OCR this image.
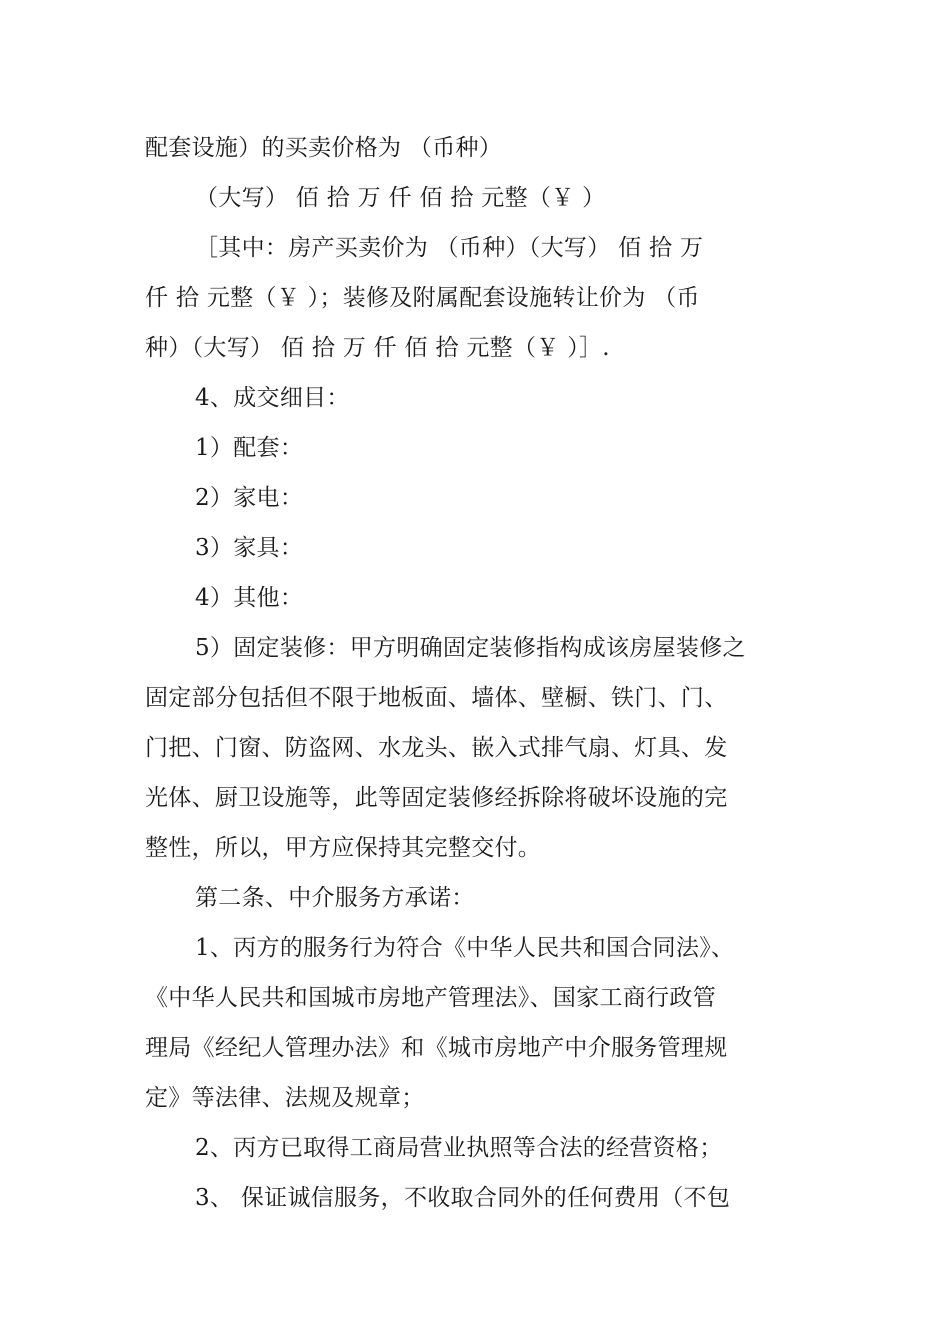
配套设施）的买卖价格为 （币种）
（大写） 佰 拾 万 仟 佰 拾 元整（￥ ）
［其中：房产买卖价为 （币种）（大写） 佰 拾 万
仟 拾 元整（￥ ）；装修及附属配套设施转让价为 （币
种）（大写） 佰 拾 万 仟 佰 拾 元整（￥ ）］.
4、成交细目：
1）配套：
2）家电：
3）家具：
4）其他：
5）固定装修：甲方明确固定装修指构成该房屋装修之
固定部分包括但不限于地板面、墙体、壁橱、铁门、门、
门把、门窗、防盗网、水龙头、嵌入式排气扇、灯具、发
光体、厨卫设施等，此等固定装修经拆除将破坏设施的完
整性，所以，甲方应保持其完整交付。
第二条、中介服务方承诺：
1、丙方的服务行为符合《中华人民共和国合同法》、
《中华人民共和国城市房地产管理法》、国家工商行政管
理局《经纪人管理办法》和《城市房地产中介服务管理规
定》等法律、法规及规章；
2、丙方已取得工商局营业执照等合法的经营资格；
3、 保证诚信服务，不收取合同外的任何费用（不包
